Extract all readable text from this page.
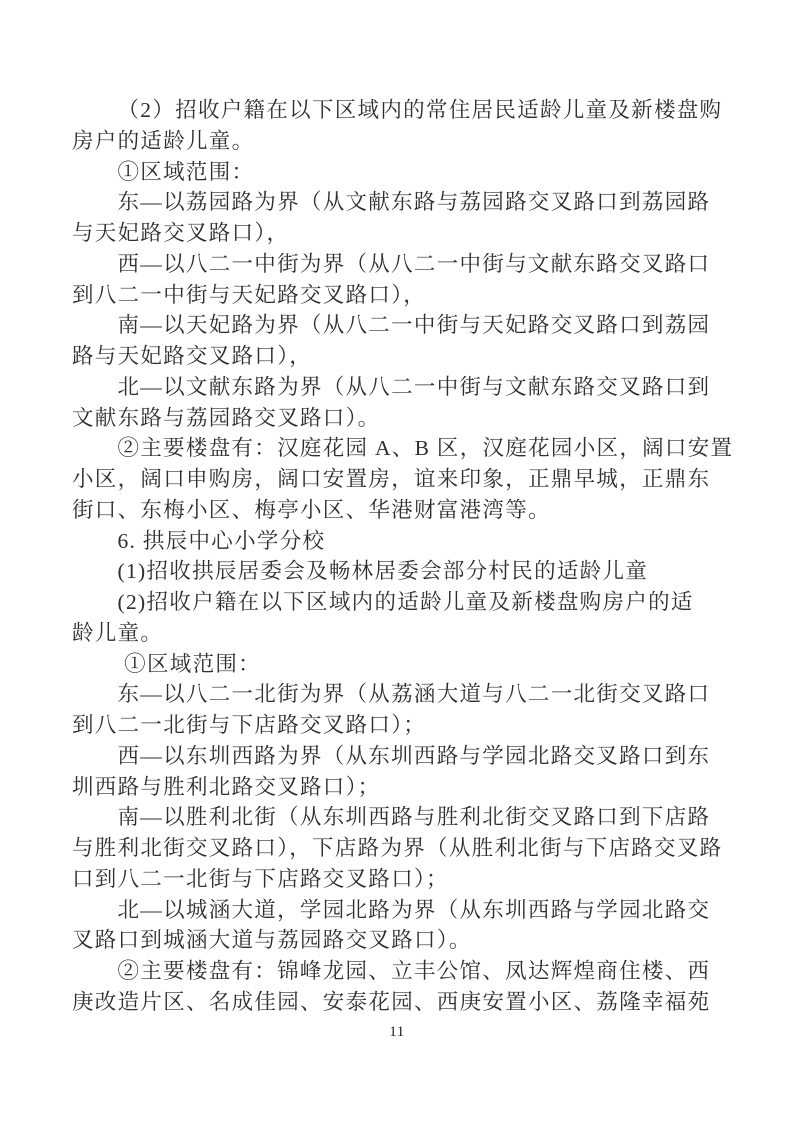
（2）招收户籍在以下区域内的常住居民适龄儿童及新楼盘购
房户的适龄儿童。
①区域范围：
东—以荔园路为界（从文献东路与荔园路交叉路口到荔园路
与天妃路交叉路口），
西—以八二一中街为界（从八二一中街与文献东路交叉路口
到八二一中街与天妃路交叉路口），
南—以天妃路为界（从八二一中街与天妃路交叉路口到荔园
路与天妃路交叉路口），
北—以文献东路为界（从八二一中街与文献东路交叉路口到
文献东路与荔园路交叉路口）。
②主要楼盘有：汉庭花园 A、B 区，汉庭花园小区，阔口安置
小区，阔口申购房，阔口安置房，谊来印象，正鼎早城，正鼎东
街口、东梅小区、梅亭小区、华港财富港湾等。
6. 拱辰中心小学分校
(1)招收拱辰居委会及畅林居委会部分村民的适龄儿童
(2)招收户籍在以下区域内的适龄儿童及新楼盘购房户的适
龄儿童。
①区域范围：
东—以八二一北街为界（从荔涵大道与八二一北街交叉路口
到八二一北街与下店路交叉路口）；
西—以东圳西路为界（从东圳西路与学园北路交叉路口到东
圳西路与胜利北路交叉路口）；
南—以胜利北街（从东圳西路与胜利北街交叉路口到下店路
与胜利北街交叉路口），下店路为界（从胜利北街与下店路交叉路
口到八二一北街与下店路交叉路口）；
北—以城涵大道，学园北路为界（从东圳西路与学园北路交
叉路口到城涵大道与荔园路交叉路口）。
②主要楼盘有：锦峰龙园、立丰公馆、凤达辉煌商住楼、西
庚改造片区、名成佳园、安泰花园、西庚安置小区、荔隆幸福苑
11
